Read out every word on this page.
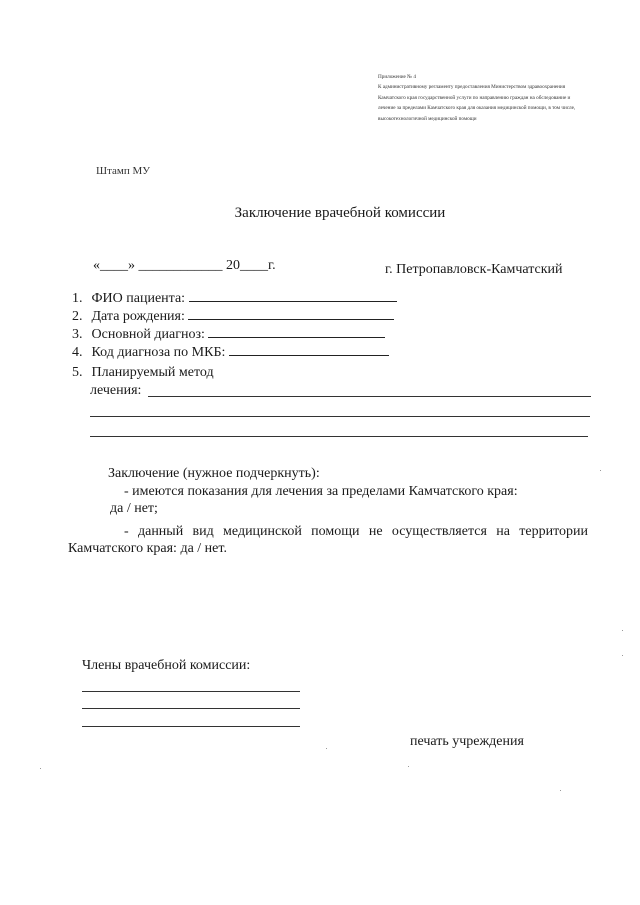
Приложение № 4
К административному регламенту предоставления Министерством здравоохранения
Камчатского края государственной услуги по направлению граждан на обследование и
лечение за пределами Камчатского края для оказания медицинской помощи, в том числе,
высокотехнологичной медицинской помощи
Штамп МУ
Заключение врачебной комиссии
«____» ____________ 20____г.	г. Петропавловск-Камчатский
1. ФИО пациента:
2. Дата рождения:
3. Основной диагноз:
4. Код диагноза по МКБ:
5. Планируемый метод
лечения:
Заключение (нужное подчеркнуть):
- имеются показания для лечения за пределами Камчатского края:
да / нет;
- данный вид медицинской помощи не осуществляется на территории
Камчатского края: да / нет.
Члены врачебной комиссии:
печать учреждения
